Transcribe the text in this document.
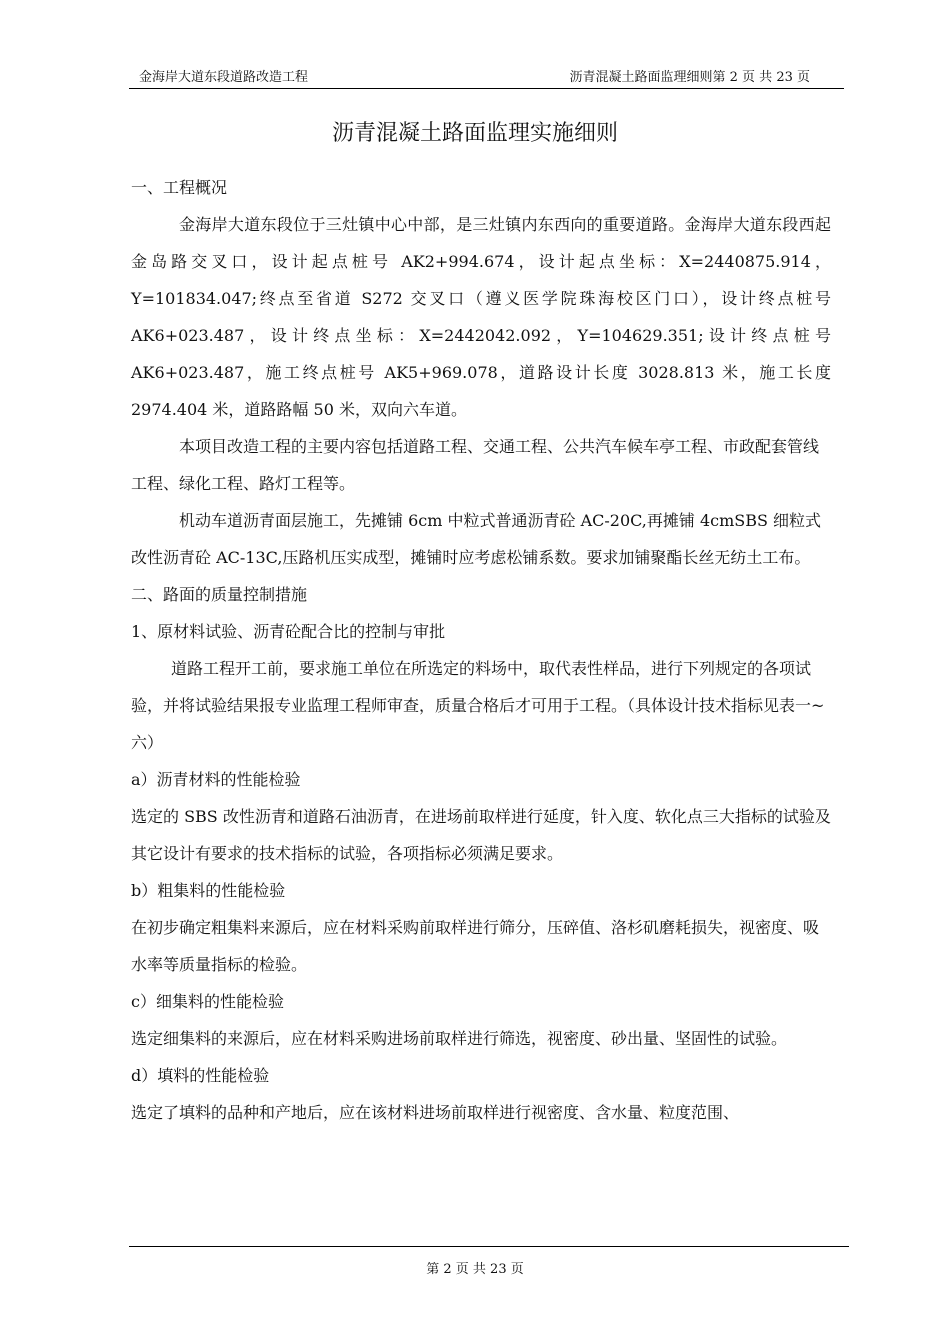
金海岸大道东段道路改造工程	沥青混凝土路面监理细则第 2 页 共 23 页
沥青混凝土路面监理实施细则

一、工程概况

金海岸大道东段位于三灶镇中心中部，是三灶镇内东西向的重要道路。金海岸大道东段西起金岛路交叉口，设计起点桩号 AK2+994.674，设计起点坐标：X=2440875.914，Y=101834.047;终点至省道 S272 交叉口（遵义医学院珠海校区门口），设计终点桩号 AK6+023.487，设计终点坐标：X=2442042.092，Y=104629.351;设计终点桩号 AK6+023.487，施工终点桩号 AK5+969.078，道路设计长度 3028.813 米，施工长度 2974.404 米，道路路幅 50 米，双向六车道。

本项目改造工程的主要内容包括道路工程、交通工程、公共汽车候车亭工程、市政配套管线工程、绿化工程、路灯工程等。

机动车道沥青面层施工，先摊铺 6cm 中粒式普通沥青砼 AC-20C,再摊铺 4cmSBS 细粒式改性沥青砼 AC-13C,压路机压实成型，摊铺时应考虑松铺系数。要求加铺聚酯长丝无纺土工布。

二、路面的质量控制措施

1、原材料试验、沥青砼配合比的控制与审批

道路工程开工前，要求施工单位在所选定的料场中，取代表性样品，进行下列规定的各项试验，并将试验结果报专业监理工程师审查，质量合格后才可用于工程。（具体设计技术指标见表一~六）

a）沥青材料的性能检验

选定的 SBS 改性沥青和道路石油沥青，在进场前取样进行延度，针入度、软化点三大指标的试验及其它设计有要求的技术指标的试验，各项指标必须满足要求。

b）粗集料的性能检验

在初步确定粗集料来源后，应在材料采购前取样进行筛分，压碎值、洛杉矶磨耗损失，视密度、吸水率等质量指标的检验。

c）细集料的性能检验

选定细集料的来源后，应在材料采购进场前取样进行筛选，视密度、砂出量、坚固性的试验。

d）填料的性能检验

选定了填料的品种和产地后，应在该材料进场前取样进行视密度、含水量、粒度范围、

第 2 页 共 23 页
